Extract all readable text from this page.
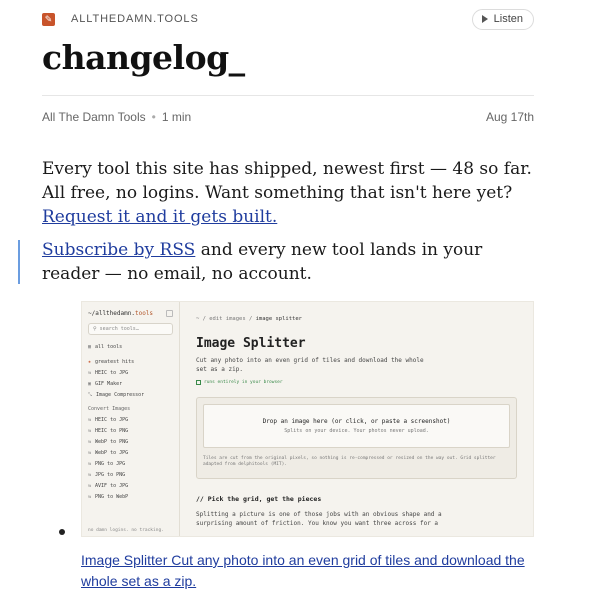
✎ ALLTHEDAMN.TOOLS	Listen
changelog_
All The Damn Tools • 1 min	Aug 17th

Every tool this site has shipped, newest first — 48 so far. All free, no logins. Want something that isn't here yet? Request it and it gets built.

Subscribe by RSS and every new tool lands in your reader — no email, no account.

~/allthedamn. tools
⚲ search tools…
▦ all tools
★ greatest hits
⇆ HEIC to JPG
▣ GIF Maker
⤡ Image Compressor
Convert Images
⇆ HEIC to JPG
⇆ HEIC to PNG
⇆ WebP to PNG
⇆ WebP to JPG
⇆ PNG to JPG
⇆ JPG to PNG
⇆ AVIF to JPG
⇆ PNG to WebP
no damn logins. no tracking.
~ / edit images / image splitter
Image Splitter
Cut any photo into an even grid of tiles and download the whole set as a zip.
runs entirely in your browser
Drop an image here (or click, or paste a screenshot)
Splits on your device. Your photos never upload.
Tiles are cut from the original pixels, so nothing is re-compressed or resized on the way out. Grid splitter adapted from delphitools (MIT).
// Pick the grid, get the pieces
Splitting a picture is one of those jobs with an obvious shape and a surprising amount of friction. You know you want three across for a
Image Splitter Cut any photo into an even grid of tiles and download the whole set as a zip.
